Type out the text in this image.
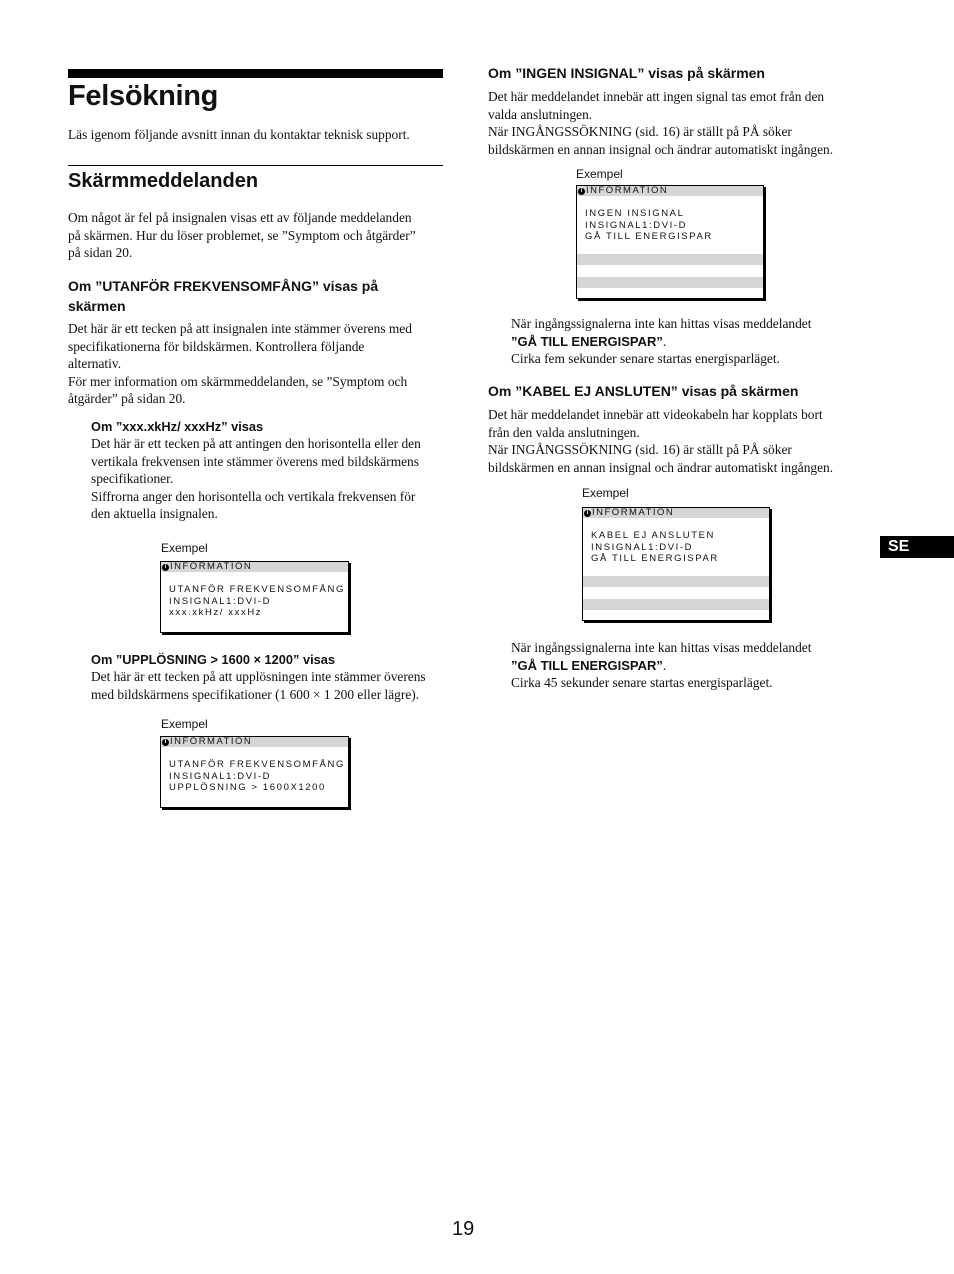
Felsökning

Läs igenom följande avsnitt innan du kontaktar teknisk support.

Skärmmeddelanden

Om något är fel på insignalen visas ett av följande meddelanden

på skärmen. Hur du löser problemet, se ”Symptom och åtgärder”

på sidan 20.

Om ”UTANFÖR FREKVENSOMFÅNG” visas på

skärmen

Det här är ett tecken på att insignalen inte stämmer överens med

specifikationerna för bildskärmen. Kontrollera följande

alternativ.

För mer information om skärmmeddelanden, se ”Symptom och

åtgärder” på sidan 20.

Om ”xxx.xkHz/ xxxHz” visas

Det här är ett tecken på att antingen den horisontella eller den

vertikala frekvensen inte stämmer överens med bildskärmens

specifikationer.

Siffrorna anger den horisontella och vertikala frekvensen för

den aktuella insignalen.

Exempel
i INFORMATION
UTANFÖR FREKVENSOMFÅNG
INSIGNAL1:DVI-D
xxx.xkHz/ xxxHz

Om ”UPPLÖSNING > 1600 × 1200” visas

Det här är ett tecken på att upplösningen inte stämmer överens

med bildskärmens specifikationer (1 600 × 1 200 eller lägre).

Exempel
i INFORMATION
UTANFÖR FREKVENSOMFÅNG
INSIGNAL1:DVI-D
UPPLÖSNING > 1600X1200

Om ”INGEN INSIGNAL” visas på skärmen

Det här meddelandet innebär att ingen signal tas emot från den

valda anslutningen.

När INGÅNGSSÖKNING (sid. 16) är ställt på PÅ söker

bildskärmen en annan insignal och ändrar automatiskt ingången.

Exempel
i INFORMATION
INGEN INSIGNAL
INSIGNAL1:DVI-D
GÅ TILL ENERGISPAR

När ingångssignalerna inte kan hittas visas meddelandet

”GÅ TILL ENERGISPAR”.

Cirka fem sekunder senare startas energisparläget.

Om ”KABEL EJ ANSLUTEN” visas på skärmen

Det här meddelandet innebär att videokabeln har kopplats bort

från den valda anslutningen.

När INGÅNGSSÖKNING (sid. 16) är ställt på PÅ söker

bildskärmen en annan insignal och ändrar automatiskt ingången.

Exempel
i INFORMATION
KABEL EJ ANSLUTEN
INSIGNAL1:DVI-D
GÅ TILL ENERGISPAR

När ingångssignalerna inte kan hittas visas meddelandet

”GÅ TILL ENERGISPAR”.

Cirka 45 sekunder senare startas energisparläget.

SE
19
